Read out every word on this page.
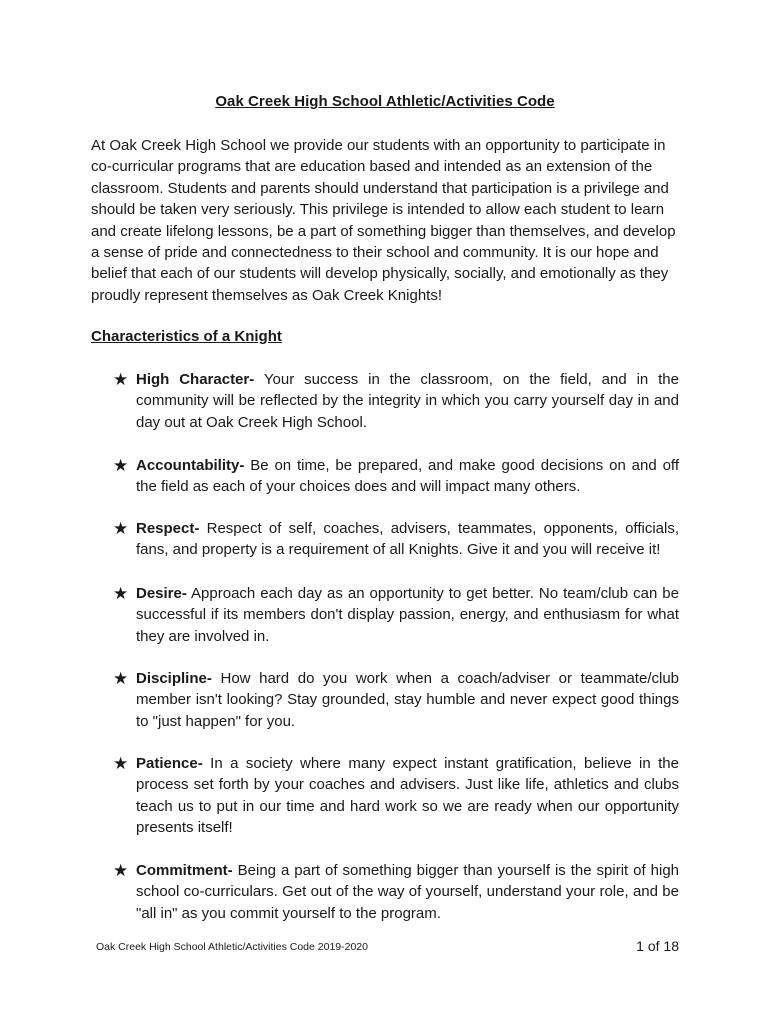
Oak Creek High School Athletic/Activities Code

At Oak Creek High School we provide our students with an opportunity to participate in co-curricular programs that are education based and intended as an extension of the classroom. Students and parents should understand that participation is a privilege and should be taken very seriously. This privilege is intended to allow each student to learn and create lifelong lessons, be a part of something bigger than themselves, and develop a sense of pride and connectedness to their school and community. It is our hope and belief that each of our students will develop physically, socially, and emotionally as they proudly represent themselves as Oak Creek Knights!

Characteristics of a Knight
★ High Character- Your success in the classroom, on the field, and in the community will be reflected by the integrity in which you carry yourself day in and day out at Oak Creek High School.
★ Accountability- Be on time, be prepared, and make good decisions on and off the field as each of your choices does and will impact many others.
★ Respect- Respect of self, coaches, advisers, teammates, opponents, officials, fans, and property is a requirement of all Knights. Give it and you will receive it!
★ Desire- Approach each day as an opportunity to get better. No team/club can be successful if its members don't display passion, energy, and enthusiasm for what they are involved in.
★ Discipline- How hard do you work when a coach/adviser or teammate/club member isn't looking? Stay grounded, stay humble and never expect good things to "just happen" for you.
★ Patience- In a society where many expect instant gratification, believe in the process set forth by your coaches and advisers. Just like life, athletics and clubs teach us to put in our time and hard work so we are ready when our opportunity presents itself!
★ Commitment- Being a part of something bigger than yourself is the spirit of high school co-curriculars. Get out of the way of yourself, understand your role, and be "all in" as you commit yourself to the program.
Oak Creek High School Athletic/Activities Code 2019-2020	1 of 18
